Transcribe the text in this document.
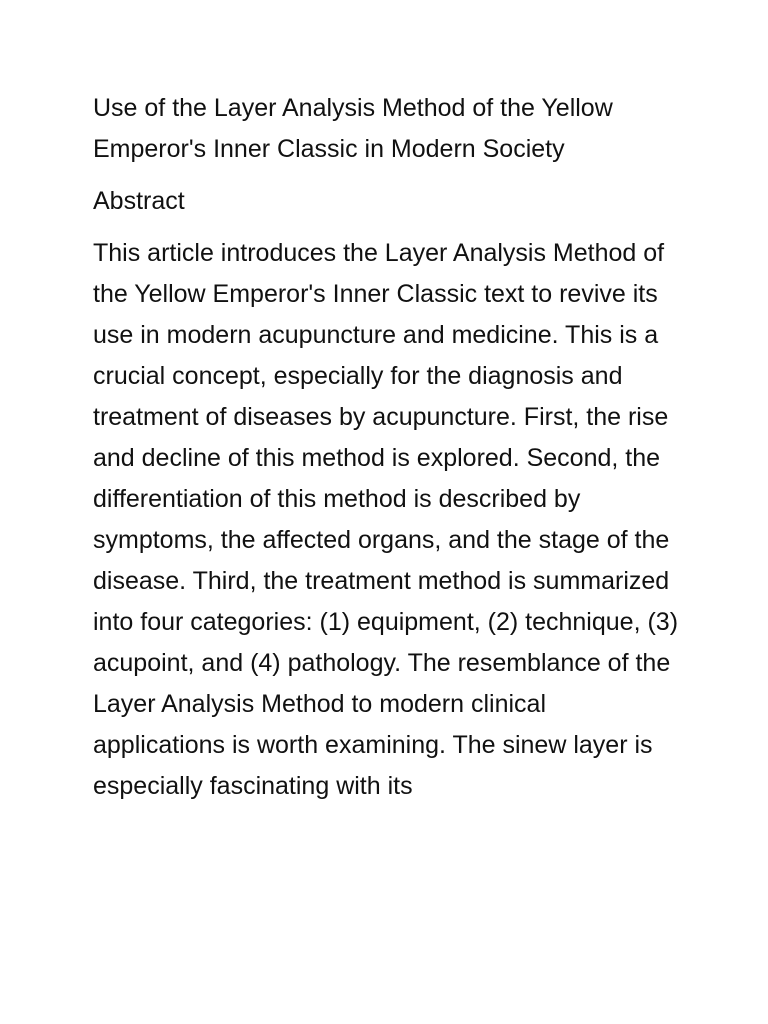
Use of the Layer Analysis Method of the Yellow Emperor's Inner Classic in Modern Society
Abstract

This article introduces the Layer Analysis Method of the Yellow Emperor's Inner Classic text to revive its use in modern acupuncture and medicine. This is a crucial concept, especially for the diagnosis and treatment of diseases by acupuncture. First, the rise and decline of this method is explored. Second, the differentiation of this method is described by symptoms, the affected organs, and the stage of the disease. Third, the treatment method is summarized into four categories: (1) equipment, (2) technique, (3) acupoint, and (4) pathology. The resemblance of the Layer Analysis Method to modern clinical applications is worth examining. The sinew layer is especially fascinating with its
